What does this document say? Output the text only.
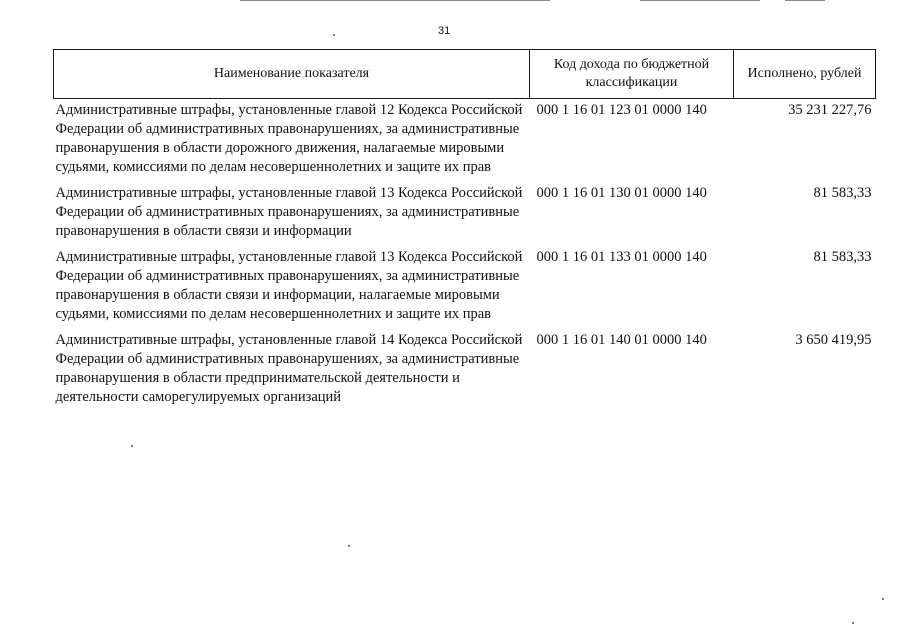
31
Наименование показателя	Код дохода по бюджетной классификации	Исполнено, рублей
Административные штрафы, установленные главой 12 Кодекса Российской Федерации об административных правонарушениях, за административные правонарушения в области дорожного движения, налагаемые мировыми судьями, комиссиями по делам несовершеннолетних и защите их прав	000 1 16 01 123 01 0000 140	35 231 227,76
Административные штрафы, установленные главой 13 Кодекса Российской Федерации об административных правонарушениях, за административные правонарушения в области связи и информации	000 1 16 01 130 01 0000 140	81 583,33
Административные штрафы, установленные главой 13 Кодекса Российской Федерации об административных правонарушениях, за административные правонарушения в области связи и информации, налагаемые мировыми судьями, комиссиями по делам несовершеннолетних и защите их прав	000 1 16 01 133 01 0000 140	81 583,33
Административные штрафы, установленные главой 14 Кодекса Российской Федерации об административных правонарушениях, за административные правонарушения в области предпринимательской деятельности и деятельности саморегулируемых организаций	000 1 16 01 140 01 0000 140	3 650 419,95
